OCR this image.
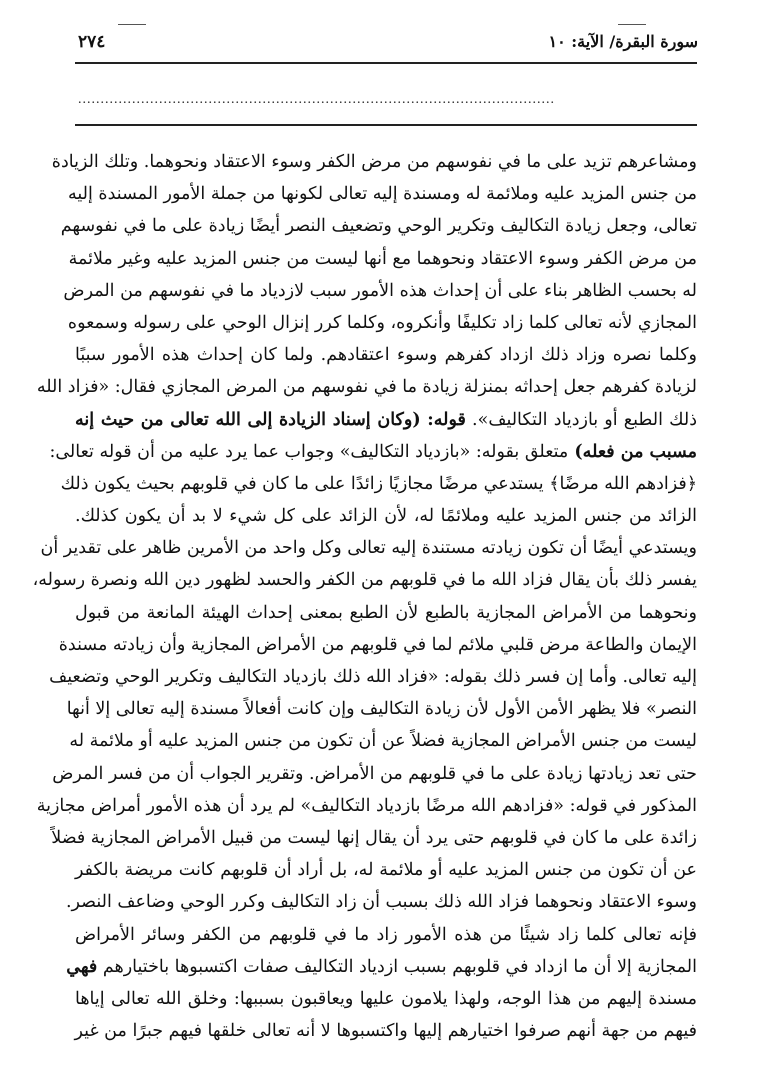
سورة البقرة/ الآية: ١٠
٢٧٤
..........................................................................................................
ومشاعرهم تزيد على ما في نفوسهم من مرض الكفر وسوء الاعتقاد ونحوهما. وتلك الزيادة
من جنس المزيد عليه وملائمة له ومسندة إليه تعالى لكونها من جملة الأمور المسندة إليه
تعالى، وجعل زيادة التكاليف وتكرير الوحي وتضعيف النصر أيضًا زيادة على ما في نفوسهم
من مرض الكفر وسوء الاعتقاد ونحوهما مع أنها ليست من جنس المزيد عليه وغير ملائمة
له بحسب الظاهر بناء على أن إحداث هذه الأمور سبب لازدياد ما في نفوسهم من المرض
المجازي لأنه تعالى كلما زاد تكليفًا وأنكروه، وكلما كرر إنزال الوحي على رسوله وسمعوه
وكلما نصره وزاد ذلك ازداد كفرهم وسوء اعتقادهم. ولما كان إحداث هذه الأمور سببًا
لزيادة كفرهم جعل إحداثه بمنزلة زيادة ما في نفوسهم من المرض المجازي فقال: «فزاد الله
ذلك الطبع أو بازدياد التكاليف». قوله: (وكان إسناد الزيادة إلى الله تعالى من حيث إنه
مسبب من فعله) متعلق بقوله: «بازدياد التكاليف» وجواب عما يرد عليه من أن قوله تعالى:
﴿فزادهم الله مرضًا﴾ يستدعي مرضًا مجازيًا زائدًا على ما كان في قلوبهم بحيث يكون ذلك
الزائد من جنس المزيد عليه وملائمًا له، لأن الزائد على كل شيء لا بد أن يكون كذلك.
ويستدعي أيضًا أن تكون زيادته مستندة إليه تعالى وكل واحد من الأمرين ظاهر على تقدير أن
يفسر ذلك بأن يقال فزاد الله ما في قلوبهم من الكفر والحسد لظهور دين الله ونصرة رسوله،
ونحوهما من الأمراض المجازية بالطبع لأن الطبع بمعنى إحداث الهيئة المانعة من قبول
الإيمان والطاعة مرض قلبي ملائم لما في قلوبهم من الأمراض المجازية وأن زيادته مسندة
إليه تعالى. وأما إن فسر ذلك بقوله: «فزاد الله ذلك بازدياد التكاليف وتكرير الوحي وتضعيف
النصر» فلا يظهر الأمن الأول لأن زيادة التكاليف وإن كانت أفعالاً مسندة إليه تعالى إلا أنها
ليست من جنس الأمراض المجازية فضلاً عن أن تكون من جنس المزيد عليه أو ملائمة له
حتى تعد زيادتها زيادة على ما في قلوبهم من الأمراض. وتقرير الجواب أن من فسر المرض
المذكور في قوله: «فزادهم الله مرضًا بازدياد التكاليف» لم يرد أن هذه الأمور أمراض مجازية
زائدة على ما كان في قلوبهم حتى يرد أن يقال إنها ليست من قبيل الأمراض المجازية فضلاً
عن أن تكون من جنس المزيد عليه أو ملائمة له، بل أراد أن قلوبهم كانت مريضة بالكفر
وسوء الاعتقاد ونحوهما فزاد الله ذلك بسبب أن زاد التكاليف وكرر الوحي وضاعف النصر.
فإنه تعالى كلما زاد شيئًا من هذه الأمور زاد ما في قلوبهم من الكفر وسائر الأمراض
المجازية إلا أن ما ازداد في قلوبهم بسبب ازدياد التكاليف صفات اكتسبوها باختيارهم فهي
مسندة إليهم من هذا الوجه، ولهذا يلامون عليها ويعاقبون بسببها: وخلق الله تعالى إياها
فيهم من جهة أنهم صرفوا اختيارهم إليها واكتسبوها لا أنه تعالى خلقها فيهم جبرًا من غير
